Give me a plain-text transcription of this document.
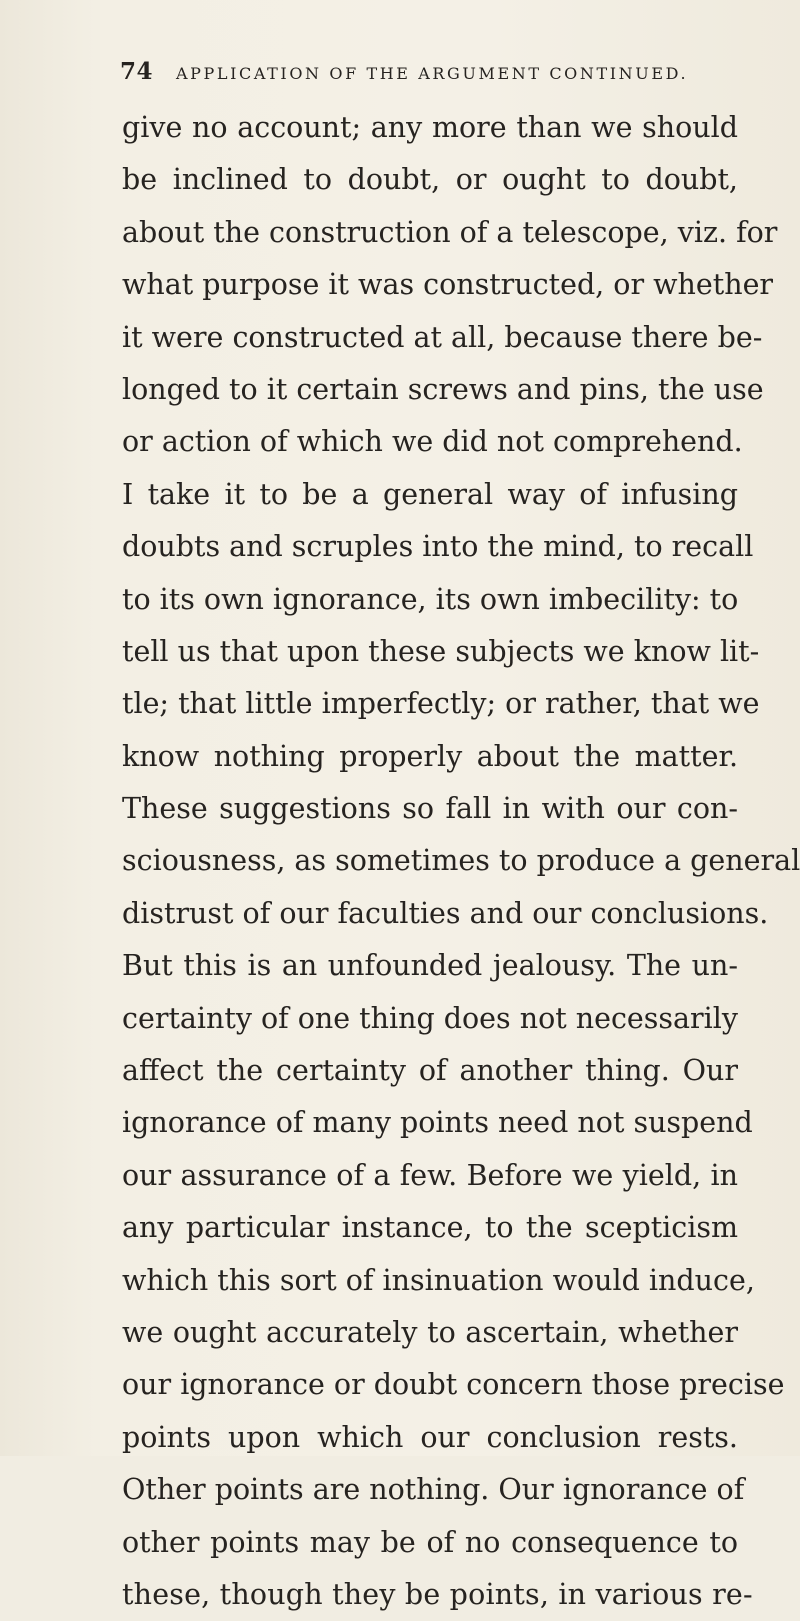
74	APPLICATION OF THE ARGUMENT CONTINUED.
give no account; any more than we should
be inclined to doubt, or ought to doubt,
about the construction of a telescope, viz. for
what purpose it was constructed, or whether
it were constructed at all, because there be-
longed to it certain screws and pins, the use
or action of which we did not comprehend.
I take it to be a general way of infusing
doubts and scruples into the mind, to recall
to its own ignorance, its own imbecility: to
tell us that upon these subjects we know lit-
tle; that little imperfectly; or rather, that we
know nothing properly about the matter.
These suggestions so fall in with our con-
sciousness, as sometimes to produce a general
distrust of our faculties and our conclusions.
But this is an unfounded jealousy. The un-
certainty of one thing does not necessarily
affect the certainty of another thing. Our
ignorance of many points need not suspend
our assurance of a few. Before we yield, in
any particular instance, to the scepticism
which this sort of insinuation would induce,
we ought accurately to ascertain, whether
our ignorance or doubt concern those precise
points upon which our conclusion rests.
Other points are nothing. Our ignorance of
other points may be of no consequence to
these, though they be points, in various re-
